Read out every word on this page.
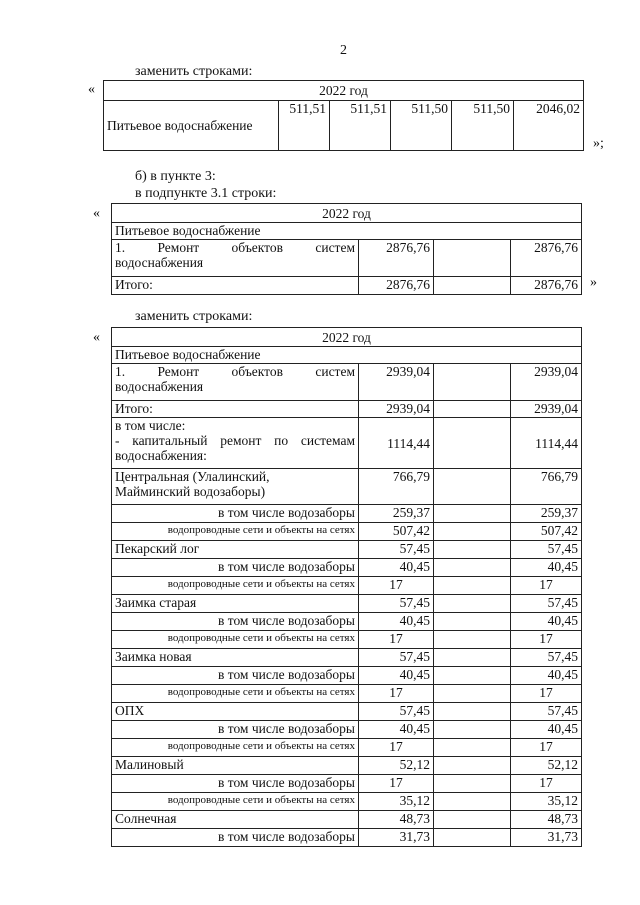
2
заменить строками:
«	2022 год
Питьевое водоснабжение	511,51	511,51	511,50	511,50	2046,02
»;
б) в пункте 3:
в подпункте 3.1 строки:
«	2022 год			
Питьевое водоснабжение			

1. Ремонт объектов систем
водоснабжения	2876,76		2876,76
Итого:	2876,76		2876,76 »
заменить строками:
«	2022 год			
Питьевое водоснабжение			

1. Ремонт объектов систем
водоснабжения	2939,04		2939,04
Итого:	2939,04		2939,04

в том числе:
- капитальный ремонт по системам
водоснабжения:	1114,44		1114,44

Центральная (Улалинский,
Майминский водозаборы)	766,79		766,79
в том числе водозаборы	259,37		259,37
водопроводные сети и объекты на сетях	507,42		507,42
Пекарский лог	57,45		57,45
в том числе водозаборы	40,45		40,45
водопроводные сети и объекты на сетях	17		17
Заимка старая	57,45		57,45
в том числе водозаборы	40,45		40,45
водопроводные сети и объекты на сетях	17		17
Заимка новая	57,45		57,45
в том числе водозаборы	40,45		40,45
водопроводные сети и объекты на сетях	17		17
ОПХ	57,45		57,45
в том числе водозаборы	40,45		40,45
водопроводные сети и объекты на сетях	17		17
Малиновый	52,12		52,12
в том числе водозаборы	17		17
водопроводные сети и объекты на сетях	35,12		35,12
Солнечная	48,73		48,73
в том числе водозаборы	31,73		31,73
